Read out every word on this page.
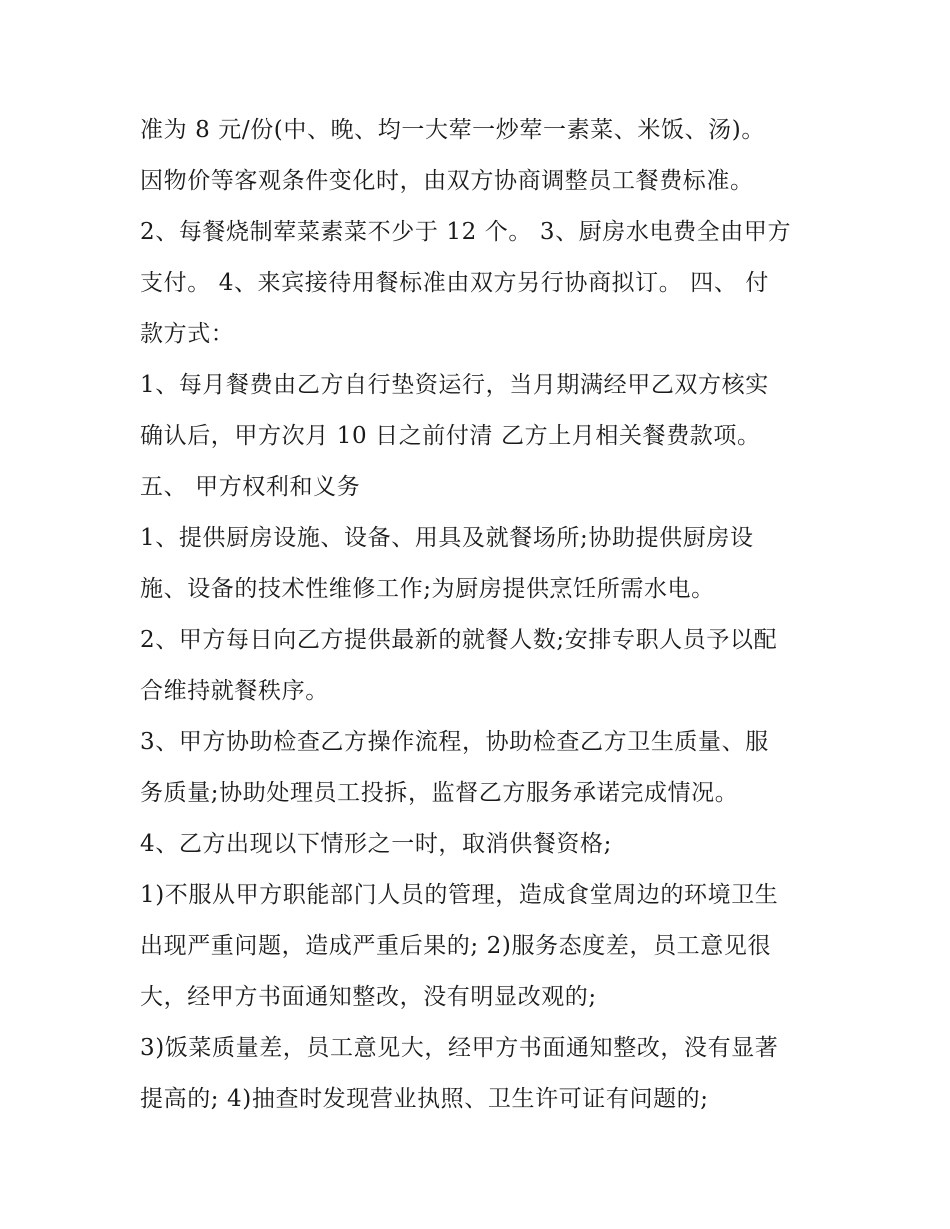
准为 8 元/份(中、晚、均一大荤一炒荤一素菜、米饭、汤)。
因物价等客观条件变化时，由双方协商调整员工餐费标准。
2、每餐烧制荤菜素菜不少于 12 个。 3、厨房水电费全由甲方
支付。 4、来宾接待用餐标准由双方另行协商拟订。 四、 付
款方式：
1、每月餐费由乙方自行垫资运行，当月期满经甲乙双方核实
确认后，甲方次月 10 日之前付清 乙方上月相关餐费款项。
五、 甲方权利和义务
1、提供厨房设施、设备、用具及就餐场所;协助提供厨房设
施、设备的技术性维修工作;为厨房提供烹饪所需水电。
2、甲方每日向乙方提供最新的就餐人数;安排专职人员予以配
合维持就餐秩序。
3、甲方协助检查乙方操作流程，协助检查乙方卫生质量、服
务质量;协助处理员工投拆，监督乙方服务承诺完成情况。
4、乙方出现以下情形之一时，取消供餐资格;
1)不服从甲方职能部门人员的管理，造成食堂周边的环境卫生
出现严重问题，造成严重后果的; 2)服务态度差，员工意见很
大，经甲方书面通知整改，没有明显改观的;
3)饭菜质量差，员工意见大，经甲方书面通知整改，没有显著
提高的; 4)抽查时发现营业执照、卫生许可证有问题的;
